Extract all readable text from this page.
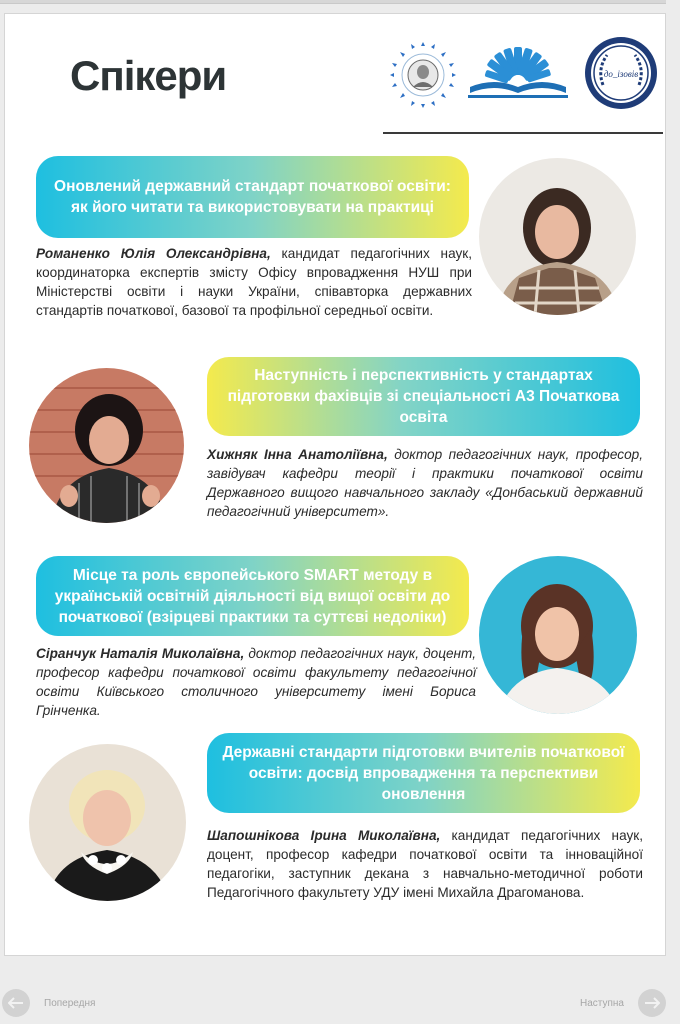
Спікери	до_ізовів
Оновлений державний стандарт початкової освіти: як його читати та використовувати на практиці
Романенко Юлія Олександрівна, кандидат педагогічних наук, координаторка експертів змісту Офісу впровадження НУШ при Міністерстві освіти і науки України, співавторка державних стандартів початкової, базової та профільної середньої освіти.
Наступність і перспективність у стандартах підготовки фахівців зі спеціальності А3 Початкова освіта
Хижняк Інна Анатоліївна, доктор педагогічних наук, професор, завідувач кафедри теорії і практики початкової освіти Державного вищого навчального закладу «Донбаський державний педагогічний університет».
Місце та роль європейського SMART методу в українській освітній діяльності від вищої освіти до початкової (взірцеві практики та суттєві недоліки)
Сіранчук Наталія Миколаївна, доктор педагогічних наук, доцент, професор кафедри початкової освіти факультету педагогічної освіти Київського столичного університету імені Бориса Грінченка.
Державні стандарти підготовки вчителів початкової освіти: досвід впровадження та перспективи оновлення
Шапошнікова Ірина Миколаївна, кандидат педагогічних наук, доцент, професор кафедри початкової освіти та інноваційної педагогіки, заступник декана з навчально-методичної роботи Педагогічного факультету УДУ імені Михайла Драгоманова.
Попередня	Наступна
